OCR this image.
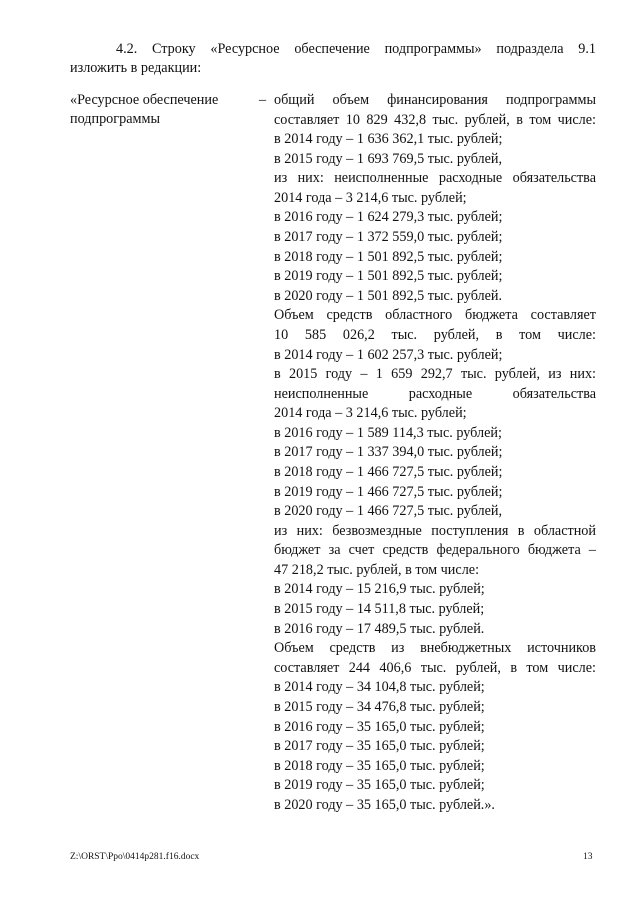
4.2. Строку «Ресурсное обеспечение подпрограммы» подраздела 9.1
изложить в редакции:
«Ресурсное обеспечение
подпрограммы
– общий объем финансирования подпрограммы
составляет 10 829 432,8 тыс. рублей, в том числе:
в 2014 году – 1 636 362,1 тыс. рублей;
в 2015 году – 1 693 769,5 тыс. рублей,
из них: неисполненные расходные обязательства
2014 года – 3 214,6 тыс. рублей;
в 2016 году – 1 624 279,3 тыс. рублей;
в 2017 году – 1 372 559,0 тыс. рублей;
в 2018 году – 1 501 892,5 тыс. рублей;
в 2019 году – 1 501 892,5 тыс. рублей;
в 2020 году – 1 501 892,5 тыс. рублей.
Объем средств областного бюджета составляет
10 585 026,2 тыс. рублей, в том числе:
в 2014 году – 1 602 257,3 тыс. рублей;
в 2015 году – 1 659 292,7 тыс. рублей, из них:
неисполненные расходные обязательства
2014 года – 3 214,6 тыс. рублей;
в 2016 году – 1 589 114,3 тыс. рублей;
в 2017 году – 1 337 394,0 тыс. рублей;
в 2018 году – 1 466 727,5 тыс. рублей;
в 2019 году – 1 466 727,5 тыс. рублей;
в 2020 году – 1 466 727,5 тыс. рублей,
из них: безвозмездные поступления в областной
бюджет за счет средств федерального бюджета –
47 218,2 тыс. рублей, в том числе:
в 2014 году – 15 216,9 тыс. рублей;
в 2015 году – 14 511,8 тыс. рублей;
в 2016 году – 17 489,5 тыс. рублей.
Объем средств из внебюджетных источников
составляет 244 406,6 тыс. рублей, в том числе:
в 2014 году – 34 104,8 тыс. рублей;
в 2015 году – 34 476,8 тыс. рублей;
в 2016 году – 35 165,0 тыс. рублей;
в 2017 году – 35 165,0 тыс. рублей;
в 2018 году – 35 165,0 тыс. рублей;
в 2019 году – 35 165,0 тыс. рублей;
в 2020 году – 35 165,0 тыс. рублей.».
Z:\ORST\Ppo\0414p281.f16.docx	13
